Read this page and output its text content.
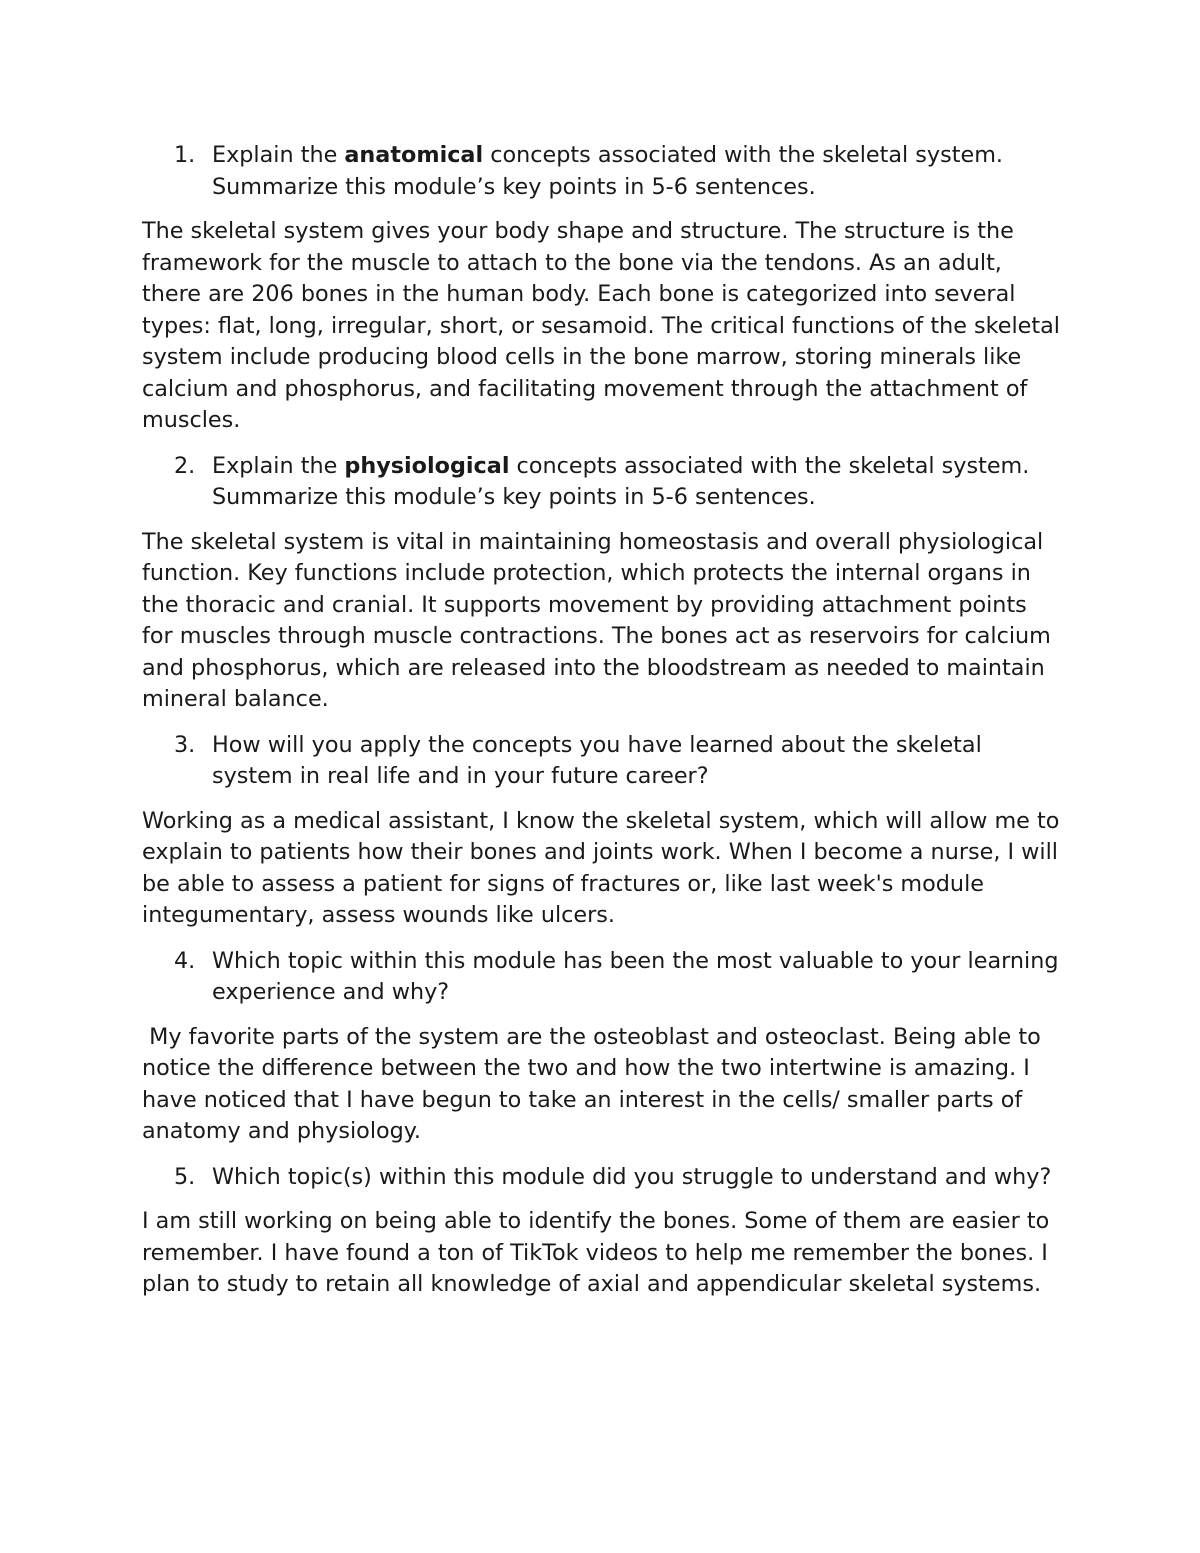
1. Explain the anatomical concepts associated with the skeletal system. Summarize this module’s key points in 5-6 sentences.

The skeletal system gives your body shape and structure. The structure is the framework for the muscle to attach to the bone via the tendons. As an adult, there are 206 bones in the human body. Each bone is categorized into several types: flat, long, irregular, short, or sesamoid. The critical functions of the skeletal system include producing blood cells in the bone marrow, storing minerals like calcium and phosphorus, and facilitating movement through the attachment of muscles.

2. Explain the physiological concepts associated with the skeletal system. Summarize this module’s key points in 5-6 sentences.

The skeletal system is vital in maintaining homeostasis and overall physiological function. Key functions include protection, which protects the internal organs in the thoracic and cranial. It supports movement by providing attachment points for muscles through muscle contractions. The bones act as reservoirs for calcium and phosphorus, which are released into the bloodstream as needed to maintain mineral balance.

3. How will you apply the concepts you have learned about the skeletal system in real life and in your future career?

Working as a medical assistant, I know the skeletal system, which will allow me to explain to patients how their bones and joints work. When I become a nurse, I will be able to assess a patient for signs of fractures or, like last week's module integumentary, assess wounds like ulcers.

4. Which topic within this module has been the most valuable to your learning experience and why?

My favorite parts of the system are the osteoblast and osteoclast. Being able to notice the difference between the two and how the two intertwine is amazing. I have noticed that I have begun to take an interest in the cells/ smaller parts of anatomy and physiology.

5. Which topic(s) within this module did you struggle to understand and why?

I am still working on being able to identify the bones. Some of them are easier to remember. I have found a ton of TikTok videos to help me remember the bones. I plan to study to retain all knowledge of axial and appendicular skeletal systems.
